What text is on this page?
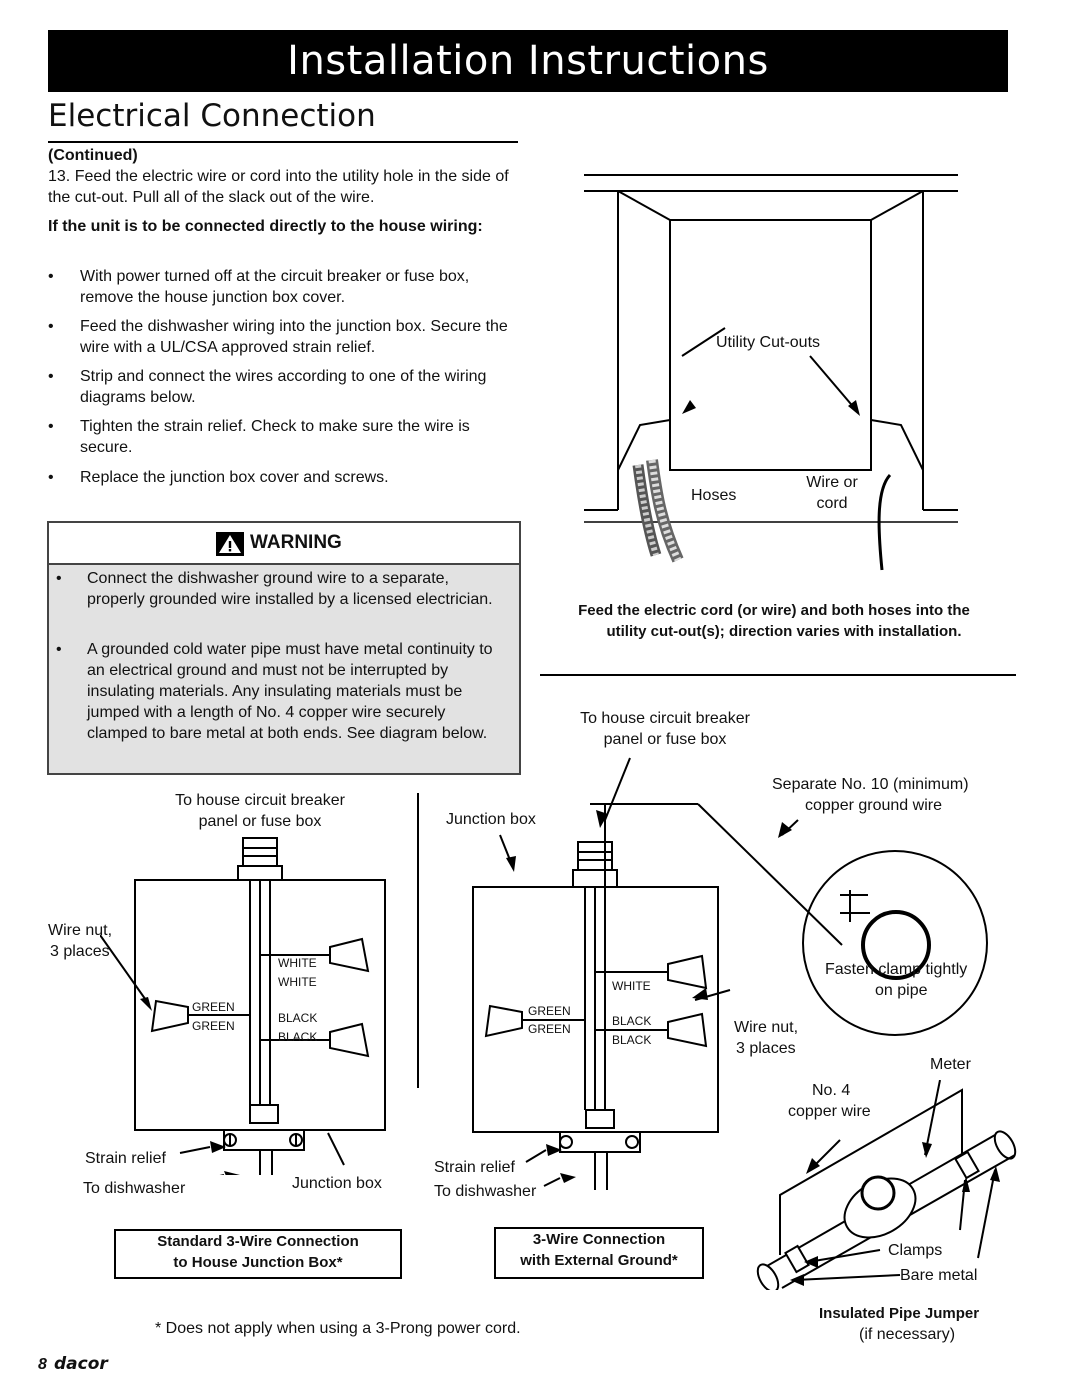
Installation Instructions
Electrical Connection
(Continued)
13. Feed the electric wire or cord into the utility hole in the side of the cut-out. Pull all of the slack out of the wire.
If the unit is to be connected directly to the house wiring:
• With power turned off at the circuit breaker or fuse box, remove the house junction box cover.
• Feed the dishwasher wiring into the junction box. Secure the wire with a UL/CSA approved strain relief.
• Strip and connect the wires according to one of the wiring diagrams below.
• Tighten the strain relief. Check to make sure the wire is secure.
• Replace the junction box cover and screws.
WARNING
• Connect the dishwasher ground wire to a separate, properly grounded wire installed by a licensed electrician.
• A grounded cold water pipe must have metal continuity to an electrical ground and must not be interrupted by insulating materials. Any insulating materials must be jumped with a length of No. 4 copper wire securely clamped to bare metal at both ends. See diagram below.
Utility Cut-outs
Hoses
Wire or
cord
Feed the electric cord (or wire) and both hoses into the
utility cut-out(s); direction varies with installation.
To house circuit breaker
panel or fuse box
Wire nut,
3 places
WHITE
WHITE
GREEN
GREEN
BLACK
BLACK
Strain relief
To dishwasher	Junction box
Standard 3-Wire Connection
to House Junction Box*
To house circuit breaker
panel or fuse box
Junction box
Separate No. 10 (minimum)
copper ground wire
Fasten clamp tightly
on pipe
Wire nut,
3 places
WHITE
GREEN
GREEN
BLACK
BLACK
Strain relief
To dishwasher
3-Wire Connection
with External Ground*
Meter
No. 4
copper wire
Clamps
Bare metal
Insulated Pipe Jumper
(if necessary)
* Does not apply when using a 3-Prong power cord.
8 dacor
